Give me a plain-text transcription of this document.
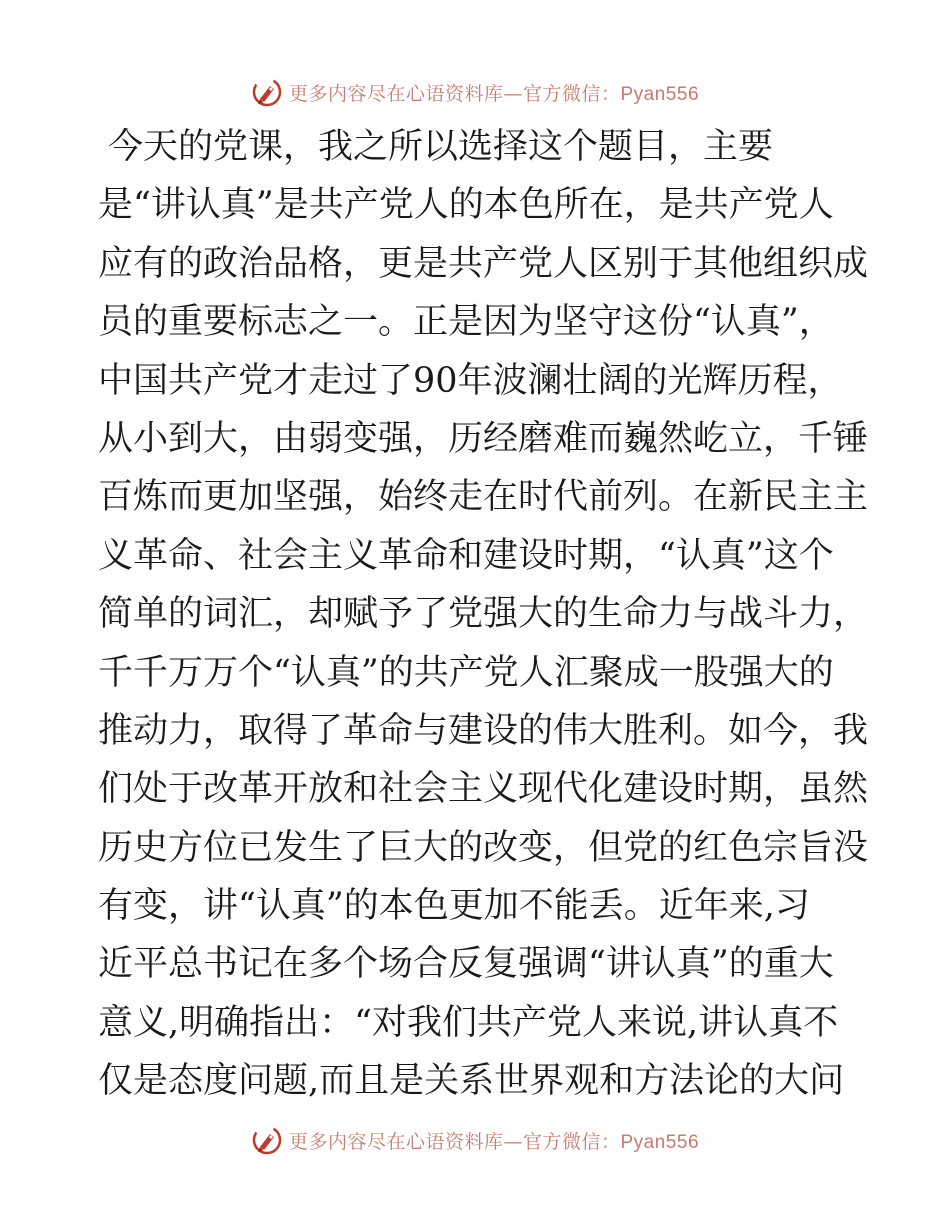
更多内容尽在心语资料库—官方微信：Pyan556
今天的党课，我之所以选择这个题目，主要
是“讲认真”是共产党人的本色所在，是共产党人
应有的政治品格，更是共产党人区别于其他组织成
员的重要标志之一。正是因为坚守这份“认真”，
中国共产党才走过了90年波澜壮阔的光辉历程，
从小到大，由弱变强，历经磨难而巍然屹立，千锤
百炼而更加坚强，始终走在时代前列。在新民主主
义革命、社会主义革命和建设时期，“认真”这个
简单的词汇，却赋予了党强大的生命力与战斗力，
千千万万个“认真”的共产党人汇聚成一股强大的
推动力，取得了革命与建设的伟大胜利。如今，我
们处于改革开放和社会主义现代化建设时期，虽然
历史方位已发生了巨大的改变，但党的红色宗旨没
有变，讲“认真”的本色更加不能丢。近年来,习
近平总书记在多个场合反复强调“讲认真”的重大
意义,明确指出：“对我们共产党人来说,讲认真不
仅是态度问题,而且是关系世界观和方法论的大问
更多内容尽在心语资料库—官方微信：Pyan556
